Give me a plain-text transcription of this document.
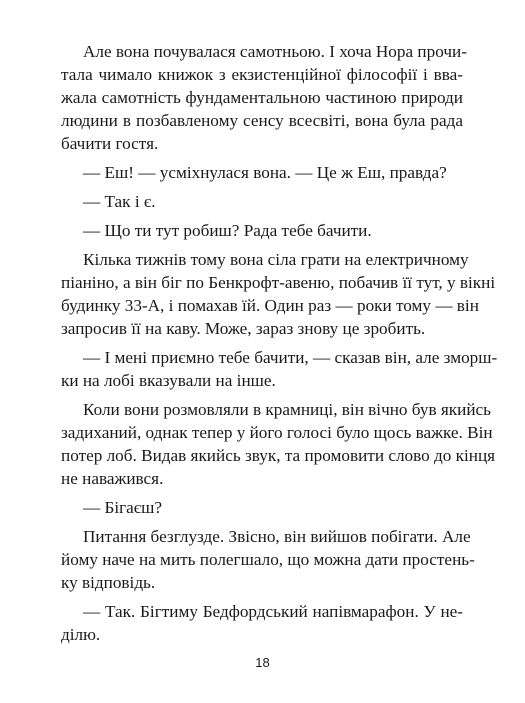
Але вона почувалася самотньою. І хоча Нора прочи-
тала чимало книжок з екзистенційної філософії і вва-
жала самотність фундаментальною частиною природи
людини в позбавленому сенсу всесвіті, вона була рада
бачити гостя.
— Еш! — усміхнулася вона. — Це ж Еш, правда?
— Так і є.
— Що ти тут робиш? Рада тебе бачити.
Кілька тижнів тому вона сіла грати на електричному
піаніно, а він біг по Бенкрофт-авеню, побачив її тут, у вікні
будинку 33-А, і помахав їй. Один раз — роки тому — він
запросив її на каву. Може, зараз знову це зробить.
— І мені приємно тебе бачити, — сказав він, але зморш-
ки на лобі вказували на інше.
Коли вони розмовляли в крамниці, він вічно був якийсь
задиханий, однак тепер у його голосі було щось важке. Він
потер лоб. Видав якийсь звук, та промовити слово до кінця
не наважився.
— Бігаєш?
Питання безглузде. Звісно, він вийшов побігати. Але
йому наче на мить полегшало, що можна дати простень-
ку відповідь.
— Так. Бігтиму Бедфордський напівмарафон. У не-
ділю.
18
